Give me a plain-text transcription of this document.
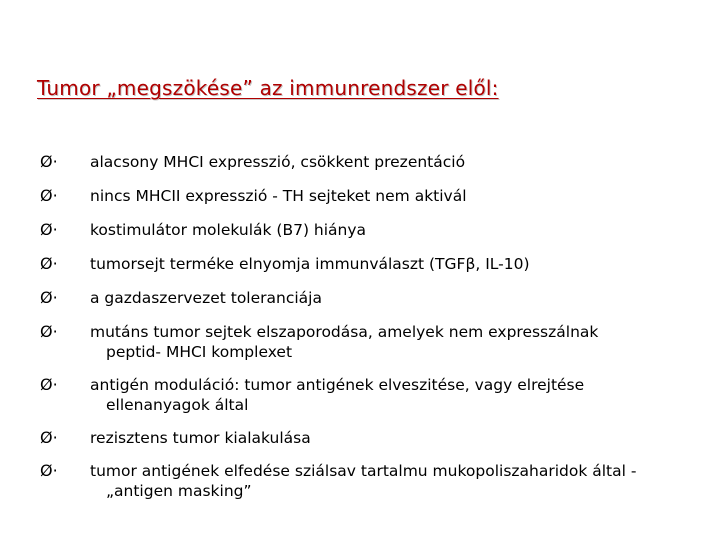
Tumor „megszökése” az immunrendszer elől:
Ø·	alacsony MHCI expresszió, csökkent prezentáció
Ø·	nincs MHCII expresszió - TH sejteket nem aktivál
Ø·	kostimulátor molekulák (B7) hiánya
Ø·	tumorsejt terméke elnyomja immunválaszt (TGFβ, IL-10)
Ø·	a gazdaszervezet toleranciája
Ø·	mutáns tumor sejtek elszaporodása, amelyek nem expresszálnak
peptid- MHCI komplexet
Ø·	antigén moduláció: tumor antigének elveszitése, vagy elrejtése
ellenanyagok által
Ø·	rezisztens tumor kialakulása
Ø·	tumor antigének elfedése sziálsav tartalmu mukopoliszaharidok által -
„antigen masking”
